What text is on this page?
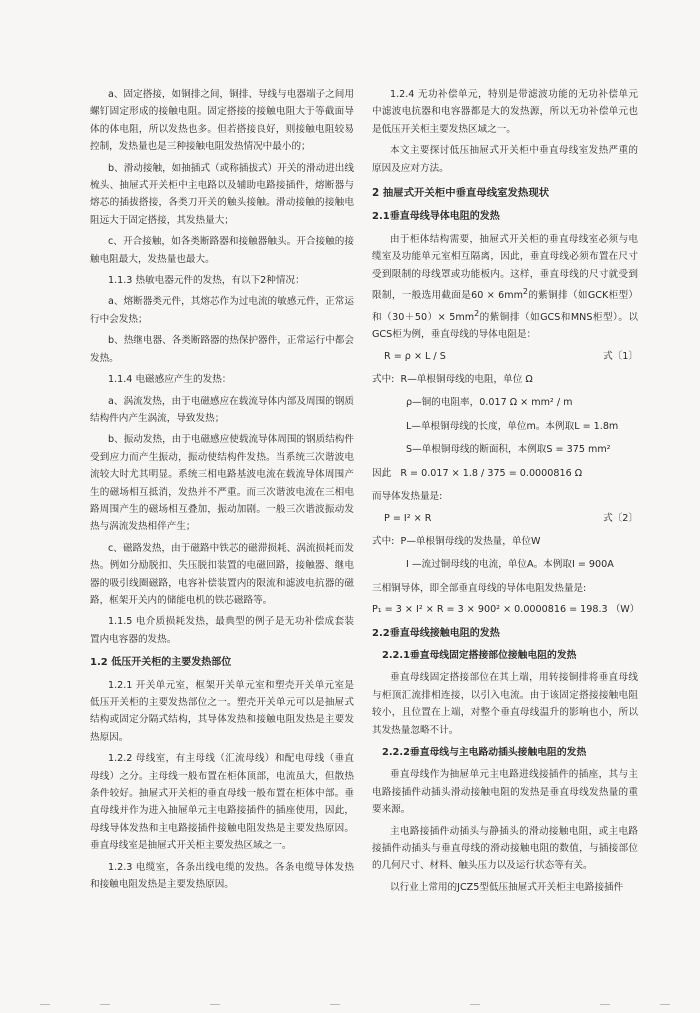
a、固定搭接，如铜排之间，铜排、导线与电器端子之间用螺钉固定形成的接触电阻。固定搭接的接触电阻大于等截面导体的体电阻，所以发热也多。但若搭接良好，则接触电阻较易控制，发热量也是三种接触电阻发热情况中最小的；

b、滑动接触，如抽插式（或称插拔式）开关的滑动进出线梳头、抽屉式开关柜中主电路以及辅助电路接插件，熔断器与熔芯的插拔搭接，各类刀开关的触头接触。滑动接触的接触电阻远大于固定搭接，其发热量大；

c、开合接触，如各类断路器和接触器触头。开合接触的接触电阻最大，发热量也最大。

1.1.3 热敏电器元件的发热，有以下2种情况：

a、熔断器类元件，其熔芯作为过电流的敏感元件，正常运行中会发热；

b、热继电器、各类断路器的热保护器件，正常运行中都会发热。

1.1.4 电磁感应产生的发热：

a、涡流发热，由于电磁感应在载流导体内部及周围的钢质结构件内产生涡流，导致发热；

b、振动发热，由于电磁感应使载流导体周围的钢质结构件受到应力而产生振动，振动使结构件发热。当系统三次谐波电流较大时尤其明显。系统三相电路基波电流在载流导体周围产生的磁场相互抵消，发热并不严重。而三次谐波电流在三相电路周围产生的磁场相互叠加，振动加剧。一般三次谐波振动发热与涡流发热相伴产生；

c、磁路发热，由于磁路中铁芯的磁滞损耗、涡流损耗而发热。例如分励脱扣、失压脱扣装置的电磁回路，接触器、继电器的吸引线圈磁路，电容补偿装置内的限流和滤波电抗器的磁路，框架开关内的储能电机的铁芯磁路等。

1.1.5 电介质损耗发热，最典型的例子是无功补偿成套装置内电容器的发热。

1.2 低压开关柜的主要发热部位

1.2.1 开关单元室，框架开关单元室和塑壳开关单元室是低压开关柜的主要发热部位之一。塑壳开关单元可以是抽屉式结构或固定分隔式结构，其导体发热和接触电阻发热是主要发热原因。

1.2.2 母线室，有主母线（汇流母线）和配电母线（垂直母线）之分。主母线一般布置在柜体顶部，电流虽大，但散热条件较好。抽屉式开关柜的垂直母线一般布置在柜体中部。垂直母线并作为进入抽屉单元主电路接插件的插座使用，因此，母线导体发热和主电路接插件接触电阻发热是主要发热原因。垂直母线室是抽屉式开关柜主要发热区域之一。

1.2.3 电缆室，各条出线电缆的发热。各条电缆导体发热和接触电阻发热是主要发热原因。

1.2.4 无功补偿单元，特别是带滤波功能的无功补偿单元中滤波电抗器和电容器都是大的发热源，所以无功补偿单元也是低压开关柜主要发热区域之一。

本文主要探讨低压抽屉式开关柜中垂直母线室发热严重的原因及应对方法。

2 抽屉式开关柜中垂直母线室发热现状
2.1垂直母线导体电阻的发热

由于柜体结构需要，抽屉式开关柜的垂直母线室必须与电缆室及功能单元室相互隔离，因此，垂直母线必须布置在尺寸受到限制的母线罩或功能板内。这样，垂直母线的尺寸就受到限制，一般选用截面是$60 \times 6mm^2$的紫铜排（如GCK柜型）和$(30+50)\times 5mm^2$的紫铜排（如GCS和MNS柜型）。以GCS柜为例，垂直母线的导体电阻是：

R = ρ × L / S	式〔1〕

式中: R—单根铜母线的电阻，单位 Ω

ρ—铜的电阻率，0.017 Ω × mm² / m

L—单根铜母线的长度，单位m。本例取L = 1.8m

S—单根铜母线的断面积，本例取S = 375 mm²

因此 R = 0.017 × 1.8 / 375 = 0.0000816 Ω

而导体发热量是:

P = I² × R	式〔2〕

式中: P—单根铜母线的发热量，单位W

I —流过铜母线的电流，单位A。本例取I = 900A

三相铜导体，即全部垂直母线的导体电阻发热量是:

P₁ = 3 × I² × R = 3 × 900² × 0.0000816 = 198.3 （W）

2.2垂直母线接触电阻的发热
2.2.1垂直母线固定搭接部位接触电阻的发热

垂直母线固定搭接部位在其上端，用转接铜排将垂直母线与柜顶汇流排相连接，以引入电流。由于该固定搭接接触电阻较小，且位置在上端，对整个垂直母线温升的影响也小，所以其发热量忽略不计。

2.2.2垂直母线与主电路动插头接触电阻的发热

垂直母线作为抽屉单元主电路进线接插件的插座，其与主电路接插件动插头滑动接触电阻的发热是垂直母线发热量的重要来源。

主电路接插件动插头与静插头的滑动接触电阻，或主电路接插件动插头与垂直母线的滑动接触电阻的数值，与插接部位的几何尺寸、材料、触头压力以及运行状态等有关。

以行业上常用的JCZ5型低压抽屉式开关柜主电路接插件
